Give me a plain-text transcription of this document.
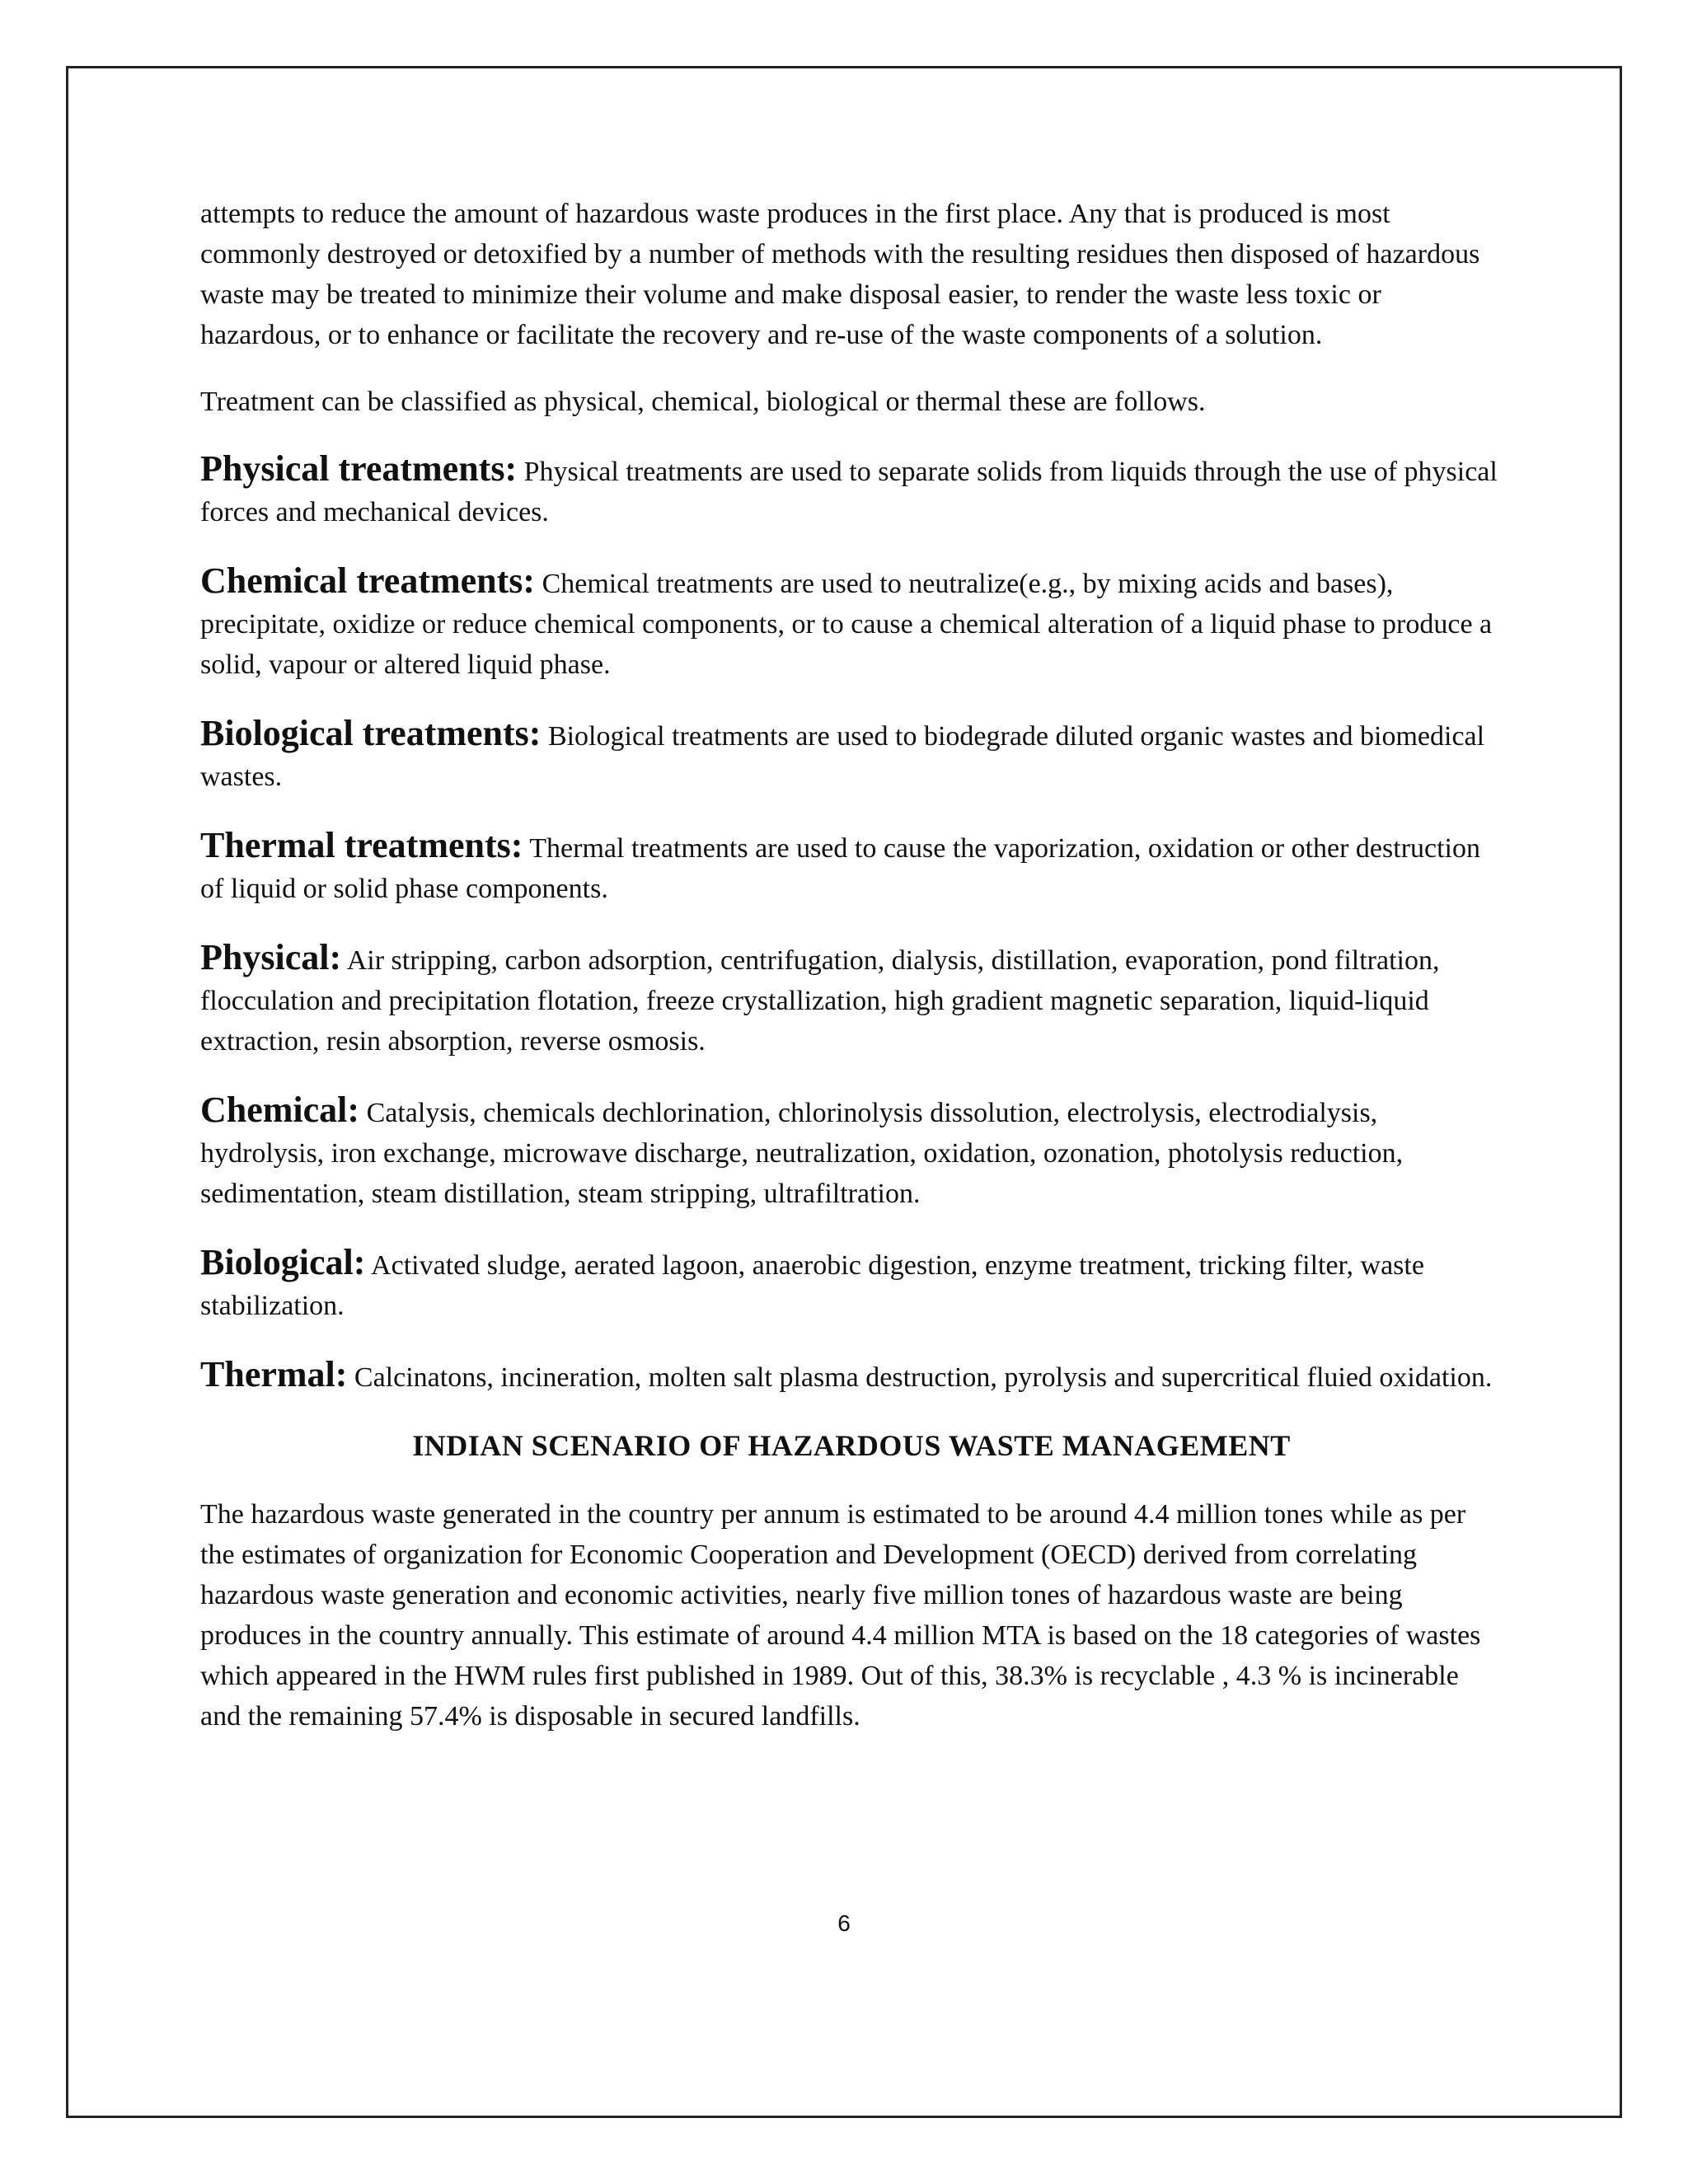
attempts to reduce the amount of hazardous waste produces in the first place. Any that is produced is most commonly destroyed or detoxified by a number of methods with the resulting residues then disposed of hazardous waste may be treated to minimize their volume and make disposal easier, to render the waste less toxic or hazardous, or to enhance or facilitate the recovery and re-use of the waste components of a solution.

Treatment can be classified as physical, chemical, biological or thermal these are follows.

Physical treatments: Physical treatments are used to separate solids from liquids through the use of physical forces and mechanical devices.

Chemical treatments: Chemical treatments are used to neutralize(e.g., by mixing acids and bases), precipitate, oxidize or reduce chemical components, or to cause a chemical alteration of a liquid phase to produce a solid, vapour or altered liquid phase.

Biological treatments: Biological treatments are used to biodegrade diluted organic wastes and biomedical wastes.

Thermal treatments: Thermal treatments are used to cause the vaporization, oxidation or other destruction of liquid or solid phase components.

Physical: Air stripping, carbon adsorption, centrifugation, dialysis, distillation, evaporation, pond filtration, flocculation and precipitation flotation, freeze crystallization, high gradient magnetic separation, liquid-liquid extraction, resin absorption, reverse osmosis.

Chemical: Catalysis, chemicals dechlorination, chlorinolysis dissolution, electrolysis, electrodialysis, hydrolysis, iron exchange, microwave discharge, neutralization, oxidation, ozonation, photolysis reduction, sedimentation, steam distillation, steam stripping, ultrafiltration.

Biological: Activated sludge, aerated lagoon, anaerobic digestion, enzyme treatment, tricking filter, waste stabilization.

Thermal: Calcinatons, incineration, molten salt plasma destruction, pyrolysis and supercritical fluied oxidation.

INDIAN SCENARIO OF HAZARDOUS WASTE MANAGEMENT

The hazardous waste generated in the country per annum is estimated to be around 4.4 million tones while as per the estimates of organization for Economic Cooperation and Development (OECD) derived from correlating hazardous waste generation and economic activities, nearly five million tones of hazardous waste are being produces in the country annually. This estimate of around 4.4 million MTA is based on the 18 categories of wastes which appeared in the HWM rules first published in 1989. Out of this, 38.3% is recyclable , 4.3 % is incinerable and the remaining 57.4% is disposable in secured landfills.

6
